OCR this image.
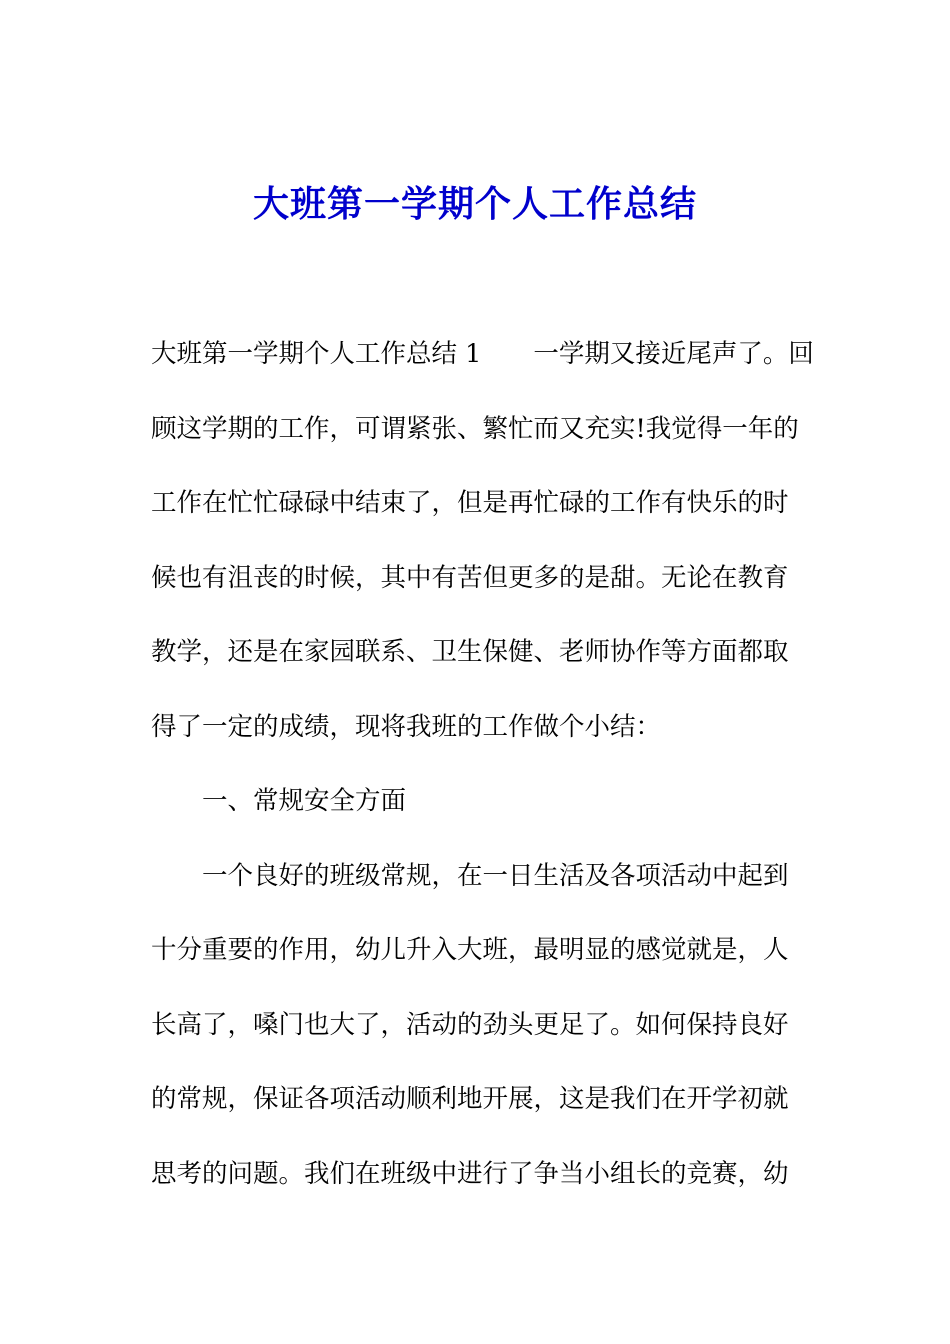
大班第一学期个人工作总结
大班第一学期个人工作总结 1 一学期又接近尾声了。回
顾这学期的工作，可谓紧张、繁忙而又充实!我觉得一年的
工作在忙忙碌碌中结束了，但是再忙碌的工作有快乐的时
候也有沮丧的时候，其中有苦但更多的是甜。无论在教育
教学，还是在家园联系、卫生保健、老师协作等方面都取
得了一定的成绩，现将我班的工作做个小结：
一、常规安全方面
一个良好的班级常规，在一日生活及各项活动中起到
十分重要的作用，幼儿升入大班，最明显的感觉就是，人
长高了，嗓门也大了，活动的劲头更足了。如何保持良好
的常规，保证各项活动顺利地开展，这是我们在开学初就
思考的问题。我们在班级中进行了争当小组长的竞赛，幼
